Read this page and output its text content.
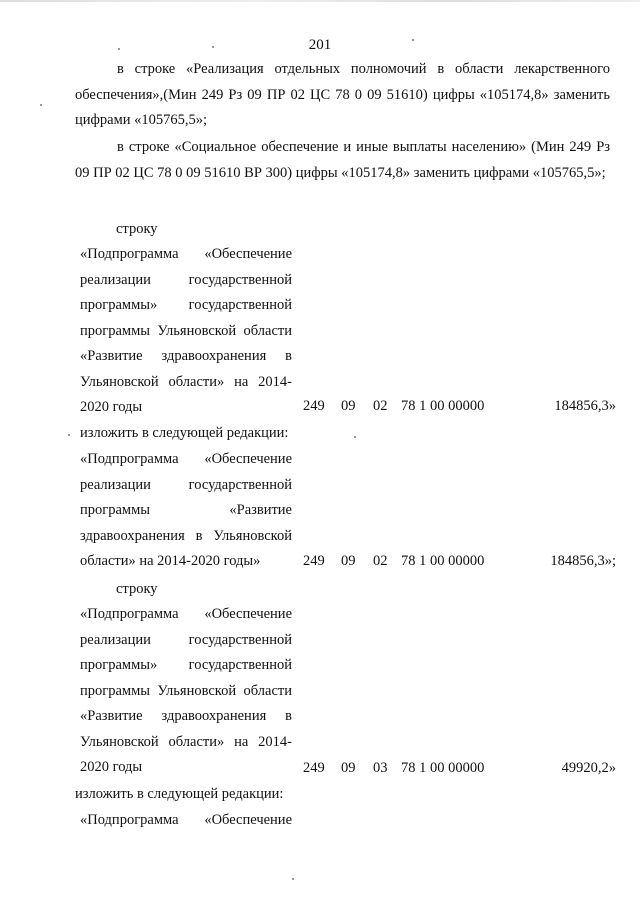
201

в строке «Реализация отдельных полномочий в области лекарственного обеспечения»,(Мин 249 Рз 09 ПР 02 ЦС 78 0 09 51610) цифры «105174,8» заменить цифрами «105765,5»;

в строке «Социальное обеспечение и иные выплаты населению» (Мин 249 Рз 09 ПР 02 ЦС 78 0 09 51610 ВР 300) цифры «105174,8» заменить цифрами «105765,5»;

строку

«Подпрограмма «Обеспечение реализации государственной программы» государственной программы Ульяновской области «Развитие здравоохранения в Ульяновской области» на 2014-2020 годы	249 09 02 78 1 00 00000	184856,3»
изложить в следующей редакции:

«Подпрограмма «Обеспечение реализации государственной программы «Развитие здравоохранения в Ульяновской области» на 2014-2020 годы»	249 09 02 78 1 00 00000	184856,3»;
строку

«Подпрограмма «Обеспечение реализации государственной программы» государственной программы Ульяновской области «Развитие здравоохранения в Ульяновской области» на 2014-2020 годы	249 09 03 78 1 00 00000	49920,2»
изложить в следующей редакции:

«Подпрограмма «Обеспечение
